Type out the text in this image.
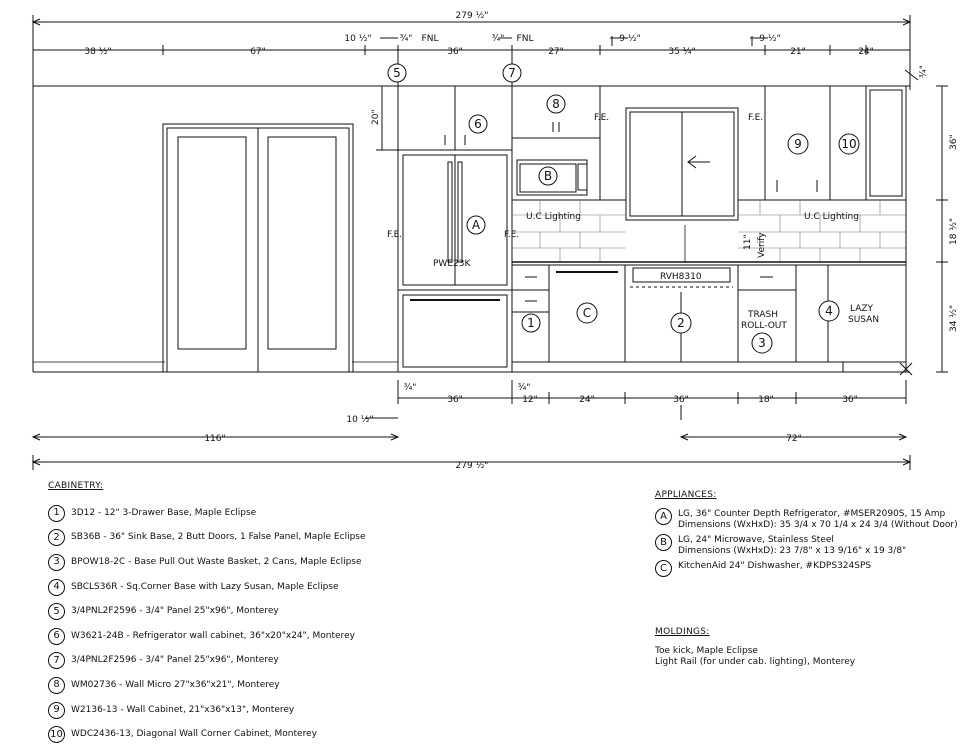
5	7
6
8
9	10
A
B
C
1	2
3
4
279 ½"
38 ½"	67"	36"	27"	35 ¼"	21"	24"
10 ½"	¾" FNL	¾" FNL	9 ½"	9 ½"
36"	12"	24"	36"	18"	36"
¾"	¾"
10 ½"
116"	72"
279 ½"
¾"
36"
18 ½"
34 ½"
20"
11" Verify
F.E.	F.E.
F.E.	F.E.
U.C Lighting	U.C Lighting
PWE23K
RVH8310
TRASH
ROLL-OUT
LAZY
SUSAN
CABINETRY:
1	3D12 - 12" 3-Drawer Base, Maple Eclipse
2	SB36B - 36" Sink Base, 2 Butt Doors, 1 False Panel, Maple Eclipse
3	BPOW18-2C - Base Pull Out Waste Basket, 2 Cans, Maple Eclipse
4	SBCLS36R - Sq.Corner Base with Lazy Susan, Maple Eclipse
5	3/4PNL2F2596 - 3/4" Panel 25"x96", Monterey
6	W3621-24B - Refrigerator wall cabinet, 36"x20"x24", Monterey
7	3/4PNL2F2596 - 3/4" Panel 25"x96", Monterey
8	WM02736 - Wall Micro 27"x36"x21", Monterey
9	W2136-13 - Wall Cabinet, 21"x36"x13", Monterey
10 WDC2436-13, Diagonal Wall Corner Cabinet, Monterey
APPLIANCES:
A	LG, 36" Counter Depth Refrigerator, #MSER2090S, 15 Amp
Dimensions (WxHxD): 35 3/4 x 70 1/4 x 24 3/4 (Without Door)
B	LG, 24" Microwave, Stainless Steel
Dimensions (WxHxD): 23 7/8" x 13 9/16" x 19 3/8"
C	KitchenAid 24" Dishwasher, #KDPS324SPS
MOLDINGS:
Toe kick, Maple Eclipse
Light Rail (for under cab. lighting), Monterey
